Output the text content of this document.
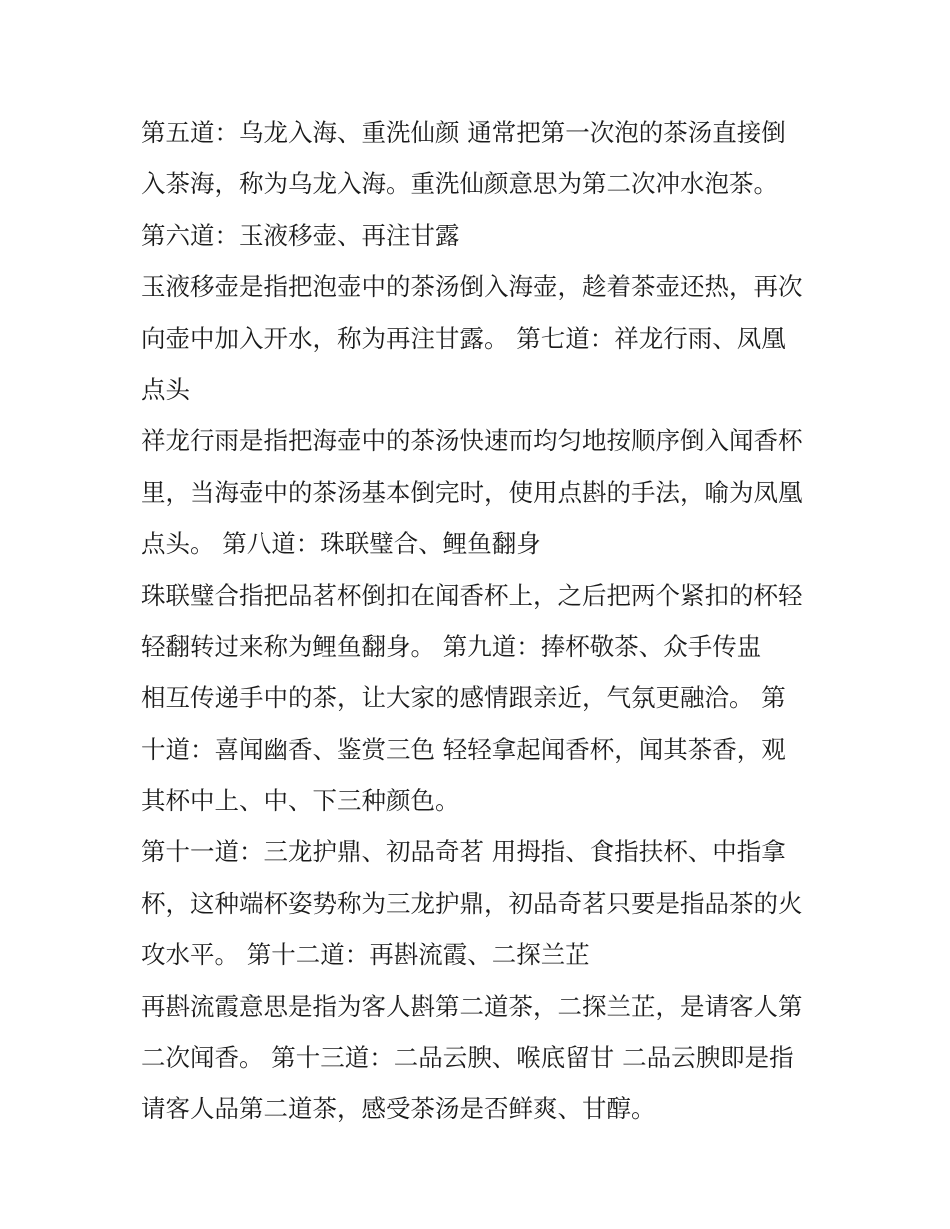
第五道：乌龙入海、重洗仙颜 通常把第一次泡的茶汤直接倒
入茶海，称为乌龙入海。重洗仙颜意思为第二次冲水泡茶。
第六道：玉液移壶、再注甘露
玉液移壶是指把泡壶中的茶汤倒入海壶，趁着茶壶还热，再次
向壶中加入开水，称为再注甘露。 第七道：祥龙行雨、凤凰
点头
祥龙行雨是指把海壶中的茶汤快速而均匀地按顺序倒入闻香杯
里，当海壶中的茶汤基本倒完时，使用点斟的手法，喻为凤凰
点头。 第八道：珠联璧合、鲤鱼翻身
珠联璧合指把品茗杯倒扣在闻香杯上，之后把两个紧扣的杯轻
轻翻转过来称为鲤鱼翻身。 第九道：捧杯敬茶、众手传盅
相互传递手中的茶，让大家的感情跟亲近，气氛更融洽。 第
十道：喜闻幽香、鉴赏三色 轻轻拿起闻香杯，闻其茶香，观
其杯中上、中、下三种颜色。
第十一道：三龙护鼎、初品奇茗 用拇指、食指扶杯、中指拿
杯，这种端杯姿势称为三龙护鼎，初品奇茗只要是指品茶的火
攻水平。 第十二道：再斟流霞、二探兰芷
再斟流霞意思是指为客人斟第二道茶，二探兰芷，是请客人第
二次闻香。 第十三道：二品云腴、喉底留甘 二品云腴即是指
请客人品第二道茶，感受茶汤是否鲜爽、甘醇。
